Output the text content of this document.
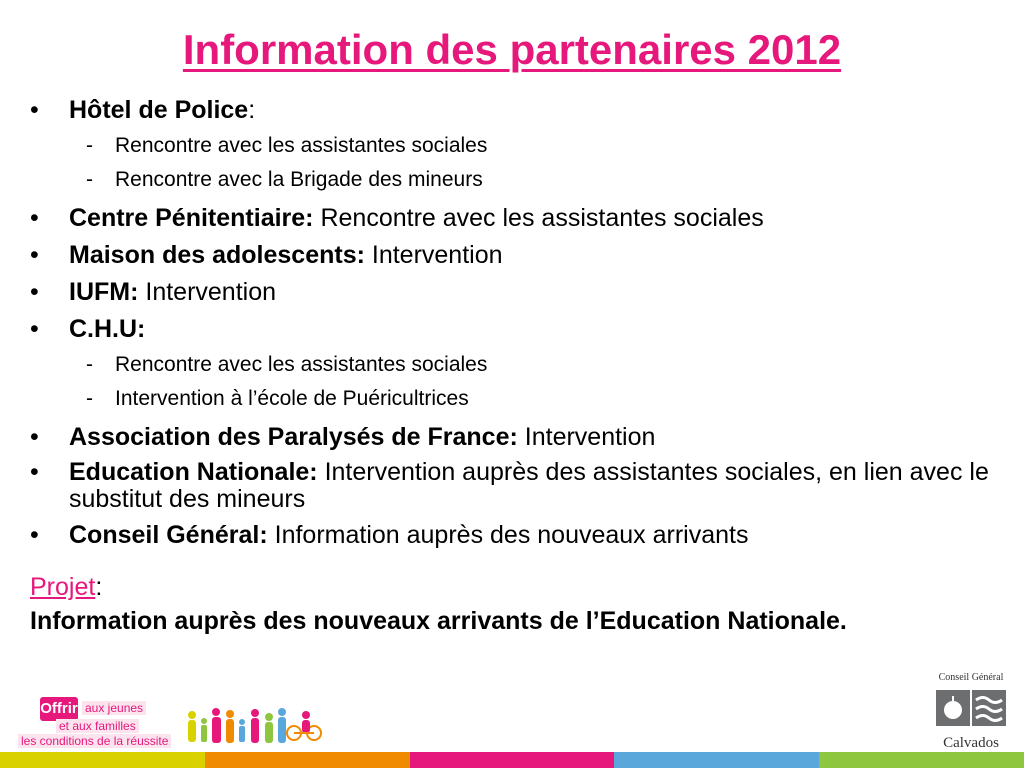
Information des partenaires 2012
• Hôtel de Police:
- Rencontre avec les assistantes sociales
- Rencontre avec la Brigade des mineurs
• Centre Pénitentiaire: Rencontre avec les assistantes sociales
• Maison des adolescents: Intervention
• IUFM: Intervention
• C.H.U:
- Rencontre avec les assistantes sociales
- Intervention à l’école de Puéricultrices
• Association des Paralysés de France: Intervention
• Education Nationale: Intervention auprès des assistantes sociales, en lien avec le substitut des mineurs
• Conseil Général: Information auprès des nouveaux arrivants
Projet:
Information auprès des nouveaux arrivants de l’Education Nationale.
Offrir aux jeunes
et aux familles
les conditions de la réussite
Conseil Général
Calvados
